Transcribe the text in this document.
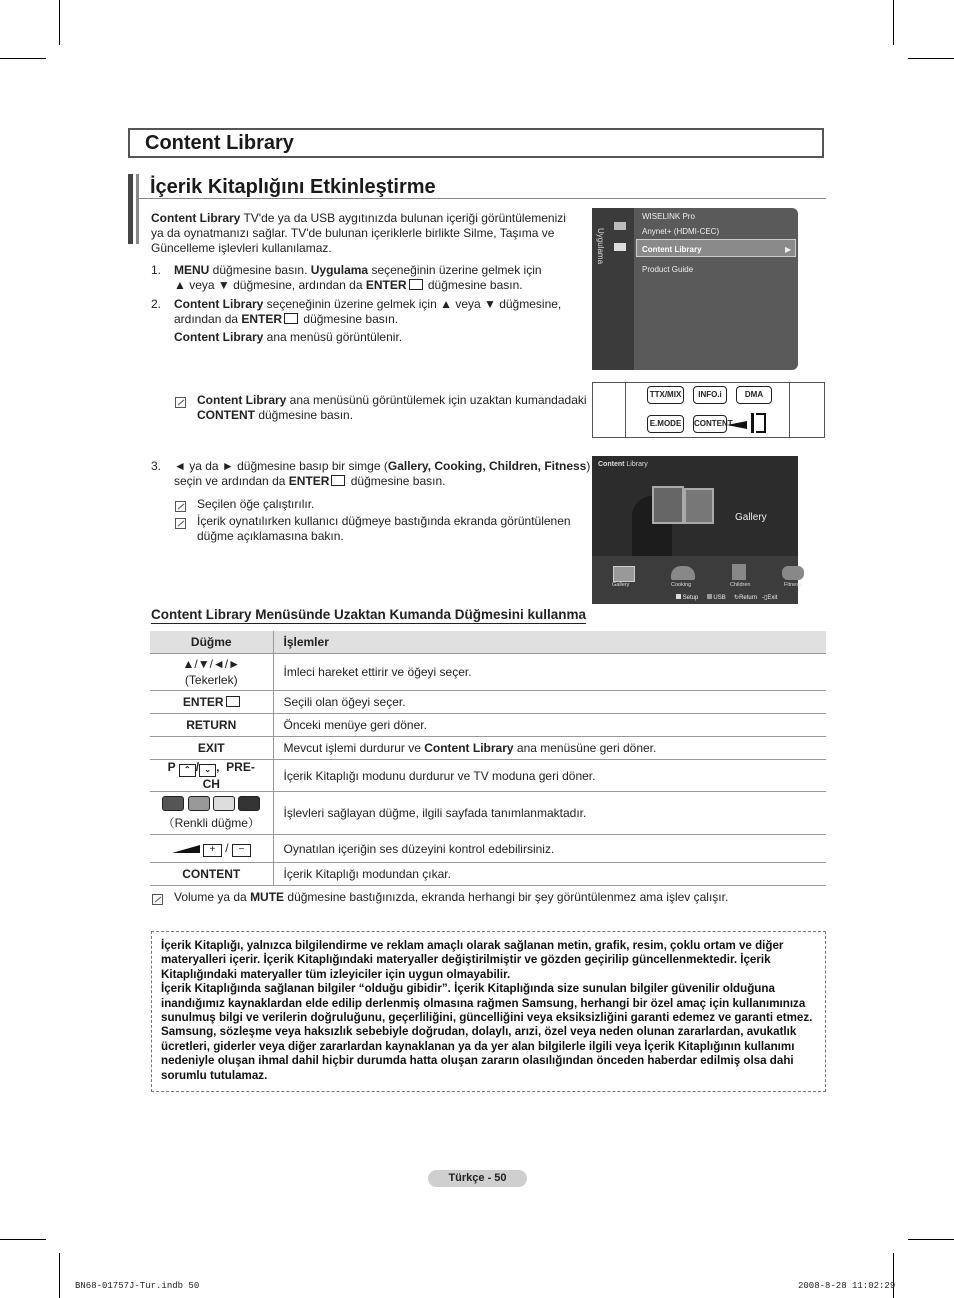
Content Library
İçerik Kitaplığını Etkinleştirme
Content Library TV'de ya da USB aygıtınızda bulunan içeriği görüntülemenizi
ya da oynatmanızı sağlar. TV'de bulunan içeriklerle birlikte Silme, Taşıma ve
Güncelleme işlevleri kullanılamaz.
1. MENU düğmesine basın. Uygulama seçeneğinin üzerine gelmek için
▲ veya ▼ düğmesine, ardından da ENTER düğmesine basın.
2. Content Library seçeneğinin üzerine gelmek için ▲ veya ▼ düğmesine,
ardından da ENTER düğmesine basın.
Content Library ana menüsü görüntülenir.
Content Library ana menüsünü görüntülemek için uzaktan kumandadaki
CONTENT düğmesine basın.
3. ◄ ya da ► düğmesine basıp bir simge (Gallery, Cooking, Children, Fitness)
seçin ve ardından da ENTER düğmesine basın.
Seçilen öğe çalıştırılır.
İçerik oynatılırken kullanıcı düğmeye bastığında ekranda görüntülenen
düğme açıklamasına bakın.
Uygulama
WISELINK Pro
Anynet+ (HDMI-CEC)
Content Library	▶
Product Guide
TTX/MIX	INFO.i	DMA
E.MODE	CONTENT
Content Library
Gallery
Gallery	Cooking	Children	Fitness
Setup	USB     ↻Return   -▯Exit
Content Library Menüsünde Uzaktan Kumanda Düğmesini kullanma
Düğme	İşlemler

▲/▼/◄/►
(Tekerlek)	İmleci hareket ettirir ve öğeyi seçer.
ENTER	Seçili olan öğeyi seçer.
RETURN	Önceki menüye geri döner.
EXIT	Mevcut işlemi durdurur ve Content Library ana menüsüne geri döner.
P ⌃ / ⌄ ,  PRE-CH	İçerik Kitaplığı modunu durdurur ve TV moduna geri döner.

（Renkli düğme）	İşlevleri sağlayan düğme, ilgili sayfada tanımlanmaktadır.
+ / −	Oynatılan içeriğin ses düzeyini kontrol edebilirsiniz.
CONTENT	İçerik Kitaplığı modundan çıkar.
Volume ya da MUTE düğmesine bastığınızda, ekranda herhangi bir şey görüntülenmez ama işlev çalışır.
İçerik Kitaplığı, yalnızca bilgilendirme ve reklam amaçlı olarak sağlanan metin, grafik, resim, çoklu ortam ve diğer
materyalleri içerir. İçerik Kitaplığındaki materyaller değiştirilmiştir ve gözden geçirilip güncellenmektedir. İçerik
Kitaplığındaki materyaller tüm izleyiciler için uygun olmayabilir.
İçerik Kitaplığında sağlanan bilgiler “olduğu gibidir”. İçerik Kitaplığında size sunulan bilgiler güvenilir olduğuna
inandığımız kaynaklardan elde edilip derlenmiş olmasına rağmen Samsung, herhangi bir özel amaç için kullanımınıza
sunulmuş bilgi ve verilerin doğruluğunu, geçerliliğini, güncelliğini veya eksiksizliğini garanti edemez ve garanti etmez.
Samsung, sözleşme veya haksızlık sebebiyle doğrudan, dolaylı, arızi, özel veya neden olunan zararlardan, avukatlık
ücretleri, giderler veya diğer zararlardan kaynaklanan ya da yer alan bilgilerle ilgili veya İçerik Kitaplığının kullanımı
nedeniyle oluşan ihmal dahil hiçbir durumda hatta oluşan zararın olasılığından önceden haberdar edilmiş olsa dahi
sorumlu tutulamaz.
Türkçe - 50
BN68-01757J-Tur.indb 50	2008-8-28 11:02:29
